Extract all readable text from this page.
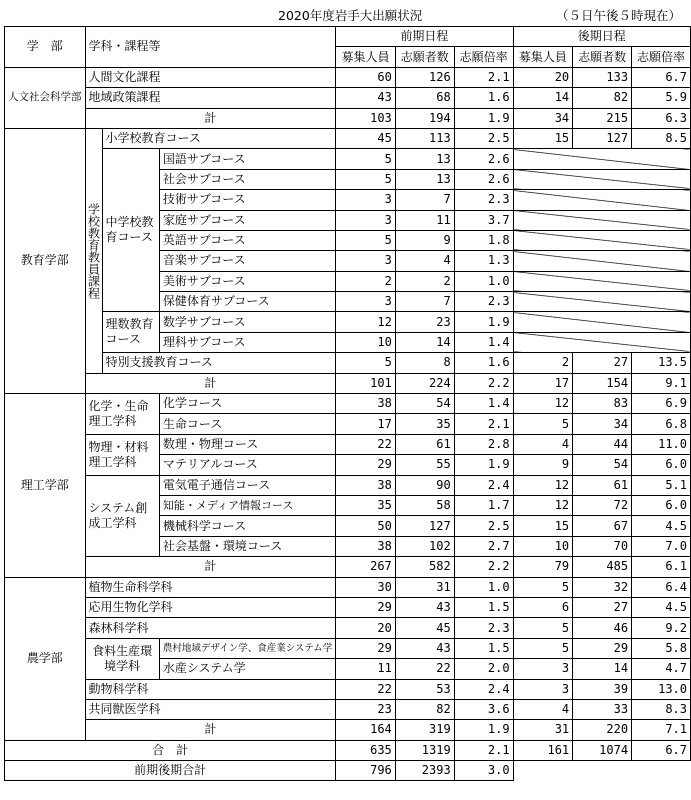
2020年度岩手大出願状況	（５日午後５時現在）
学　部	学科・課程等			前期日程			後期日程		
				募集人員	志願者数	志願倍率	募集人員	志願者数	志願倍率
人文社会科学部	人間文化課程			60	126	2.1	20	133	6.7
	地域政策課程			43	68	1.6	14	82	5.9
	計			103	194	1.9	34	215	6.3
教育学部	学校教育教員課程	小学校教育コース		45	113	2.5	15	127	8.5
		中学校教育コース	国語サブコース	5	13	2.6			
			社会サブコース	5	13	2.6			
			技術サブコース	3	7	2.3			
			家庭サブコース	3	11	3.7			
			英語サブコース	5	9	1.8			
			音楽サブコース	3	4	1.3			
			美術サブコース	2	2	1.0			
			保健体育サブコース	3	7	2.3			
		理数教育コース	数学サブコース	12	23	1.9			
			理科サブコース	10	14	1.4			
		特別支援教育コース		5	8	1.6	2	27	13.5
	計			101	224	2.2	17	154	9.1
理工学部	化学・生命理工学科		化学コース	38	54	1.4	12	83	6.9
			生命コース	17	35	2.1	5	34	6.8
	物理・材料理工学科		数理・物理コース	22	61	2.8	4	44	11.0
			マテリアルコース	29	55	1.9	9	54	6.0
	システム創成工学科		電気電子通信コース	38	90	2.4	12	61	5.1
			知能・メディア情報コース	35	58	1.7	12	72	6.0
			機械科学コース	50	127	2.5	15	67	4.5
			社会基盤・環境コース	38	102	2.7	10	70	7.0
	計			267	582	2.2	79	485	6.1
農学部	植物生命科学科			30	31	1.0	5	32	6.4
	応用生物化学科			29	43	1.5	6	27	4.5
	森林科学科			20	45	2.3	5	46	9.2
	食料生産環境学科		農村地域デザイン学、食産業システム学	29	43	1.5	5	29	5.8
			水産システム学	11	22	2.0	3	14	4.7
	動物科学科			22	53	2.4	3	39	13.0
	共同獣医学科			23	82	3.6	4	33	8.3
	計			164	319	1.9	31	220	7.1
合　計				635	1319	2.1	161	1074	6.7
前期後期合計				796	2393	3.0			
